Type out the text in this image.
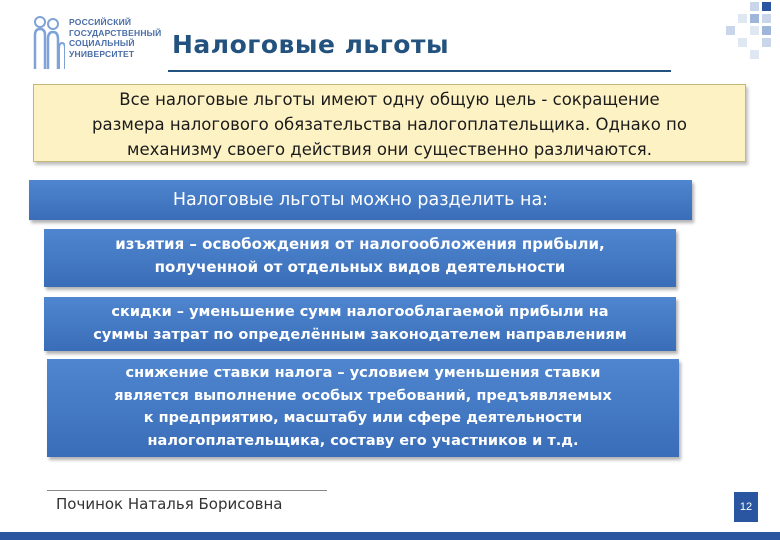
РОССИЙСКИЙ
ГОСУДАРСТВЕННЫЙ
СОЦИАЛЬНЫЙ
УНИВЕРСИТЕТ	Налоговые льготы
Все налоговые льготы имеют одну общую цель - сокращение
размера налогового обязательства налогоплательщика. Однако по
механизму своего действия они существенно различаются.
Налоговые льготы можно разделить на:
изъятия – освобождения от налогообложения прибыли,
полученной от отдельных видов деятельности
скидки – уменьшение сумм налогооблагаемой прибыли на
суммы затрат по определённым законодателем направлениям
снижение ставки налога – условием уменьшения ставки
является выполнение особых требований, предъявляемых
к предприятию, масштабу или сфере деятельности
налогоплательщика, составу его участников и т.д.
Починок Наталья Борисовна	12
